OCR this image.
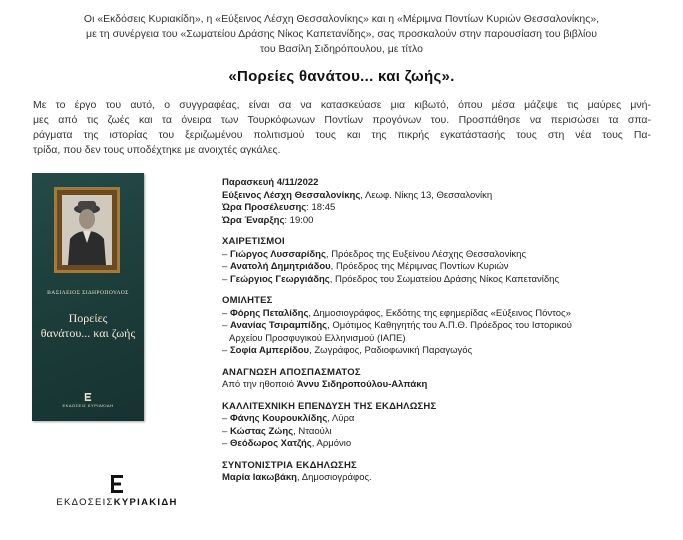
Οι «Εκδόσεις Κυριακίδη», η «Εύξεινος Λέσχη Θεσσαλονίκης» και η «Μέριμνα Ποντίων Κυριών Θεσσαλονίκης»,
με τη συνέργεια του «Σωματείου Δράσης Νίκος Καπετανίδης», σας προσκαλούν στην παρουσίαση του βιβλίου
του Βασίλη Σιδηρόπουλου, με τίτλο
«Πορείες θανάτου... και ζωής».
Με το έργο του αυτό, ο συγγραφέας, είναι σα να κατασκεύασε μια κιβωτό, όπου μέσα μάζεψε τις μαύρες μνή-
μες από τις ζωές και τα όνειρα των Τουρκόφωνων Ποντίων προγόνων του. Προσπάθησε να περισώσει τα σπα-
ράγματα της ιστορίας του ξεριζωμένου πολιτισμού τους και της πικρής εγκατάστασής τους στη νέα τους Πα-
τρίδα, που δεν τους υποδέχτηκε με ανοιχτές αγκάλες.
ΒΑΣΙΛΕΙΟΣ ΣΙΔΗΡΟΠΟΥΛΟΣ
Πορείες
θανάτου... και ζωής
ΕΚΔΟΣΕΙΣ ΚΥΡΙΑΚΙΔΗ
ΕΚΔΟΣΕΙΣΚΥΡΙΑΚΙΔΗ
Παρασκευή 4/11/2022
Εύξεινος Λέσχη Θεσσαλονίκης, Λεωφ. Νίκης 13, Θεσσαλονίκη
Ώρα Προσέλευσης: 18:45
Ώρα Έναρξης: 19:00
ΧΑΙΡΕΤΙΣΜΟΙ
– Γιώργος Λυσσαρίδης, Πρόεδρος της Ευξείνου Λέσχης Θεσσαλονίκης
– Ανατολή Δημητριάδου, Πρόεδρος της Μέριμνας Ποντίων Κυριών
– Γεώργιος Γεωργιάδης, Πρόεδρος του Σωματείου Δράσης Νίκος Καπετανίδης
ΟΜΙΛΗΤΕΣ
– Φόρης Πεταλίδης, Δημοσιογράφος, Εκδότης της εφημερίδας «Εύξεινος Πόντος»
– Ανανίας Τσιραμπίδης, Ομότιμος Καθηγητής του Α.Π.Θ. Πρόεδρος του Ιστορικού
Αρχείου Προσφυγικού Ελληνισμού (ΙΑΠΕ)
– Σοφία Αμπερίδου, Ζωγράφος, Ραδιοφωνική Παραγωγός
ΑΝΑΓΝΩΣΗ ΑΠΟΣΠΑΣΜΑΤΟΣ
Από την ηθοποιό Άννυ Σιδηροπούλου-Αλπάκη
ΚΑΛΛΙΤΕΧΝΙΚΗ ΕΠΕΝΔΥΣΗ ΤΗΣ ΕΚΔΗΛΩΣΗΣ
– Φάνης Κουρουκλίδης, Λύρα
– Κώστας Ζώης, Νταούλι
– Θεόδωρος Χατζής, Αρμόνιο
ΣΥΝΤΟΝΙΣΤΡΙΑ ΕΚΔΗΛΩΣΗΣ
Μαρία Ιακωβάκη, Δημοσιογράφος.
